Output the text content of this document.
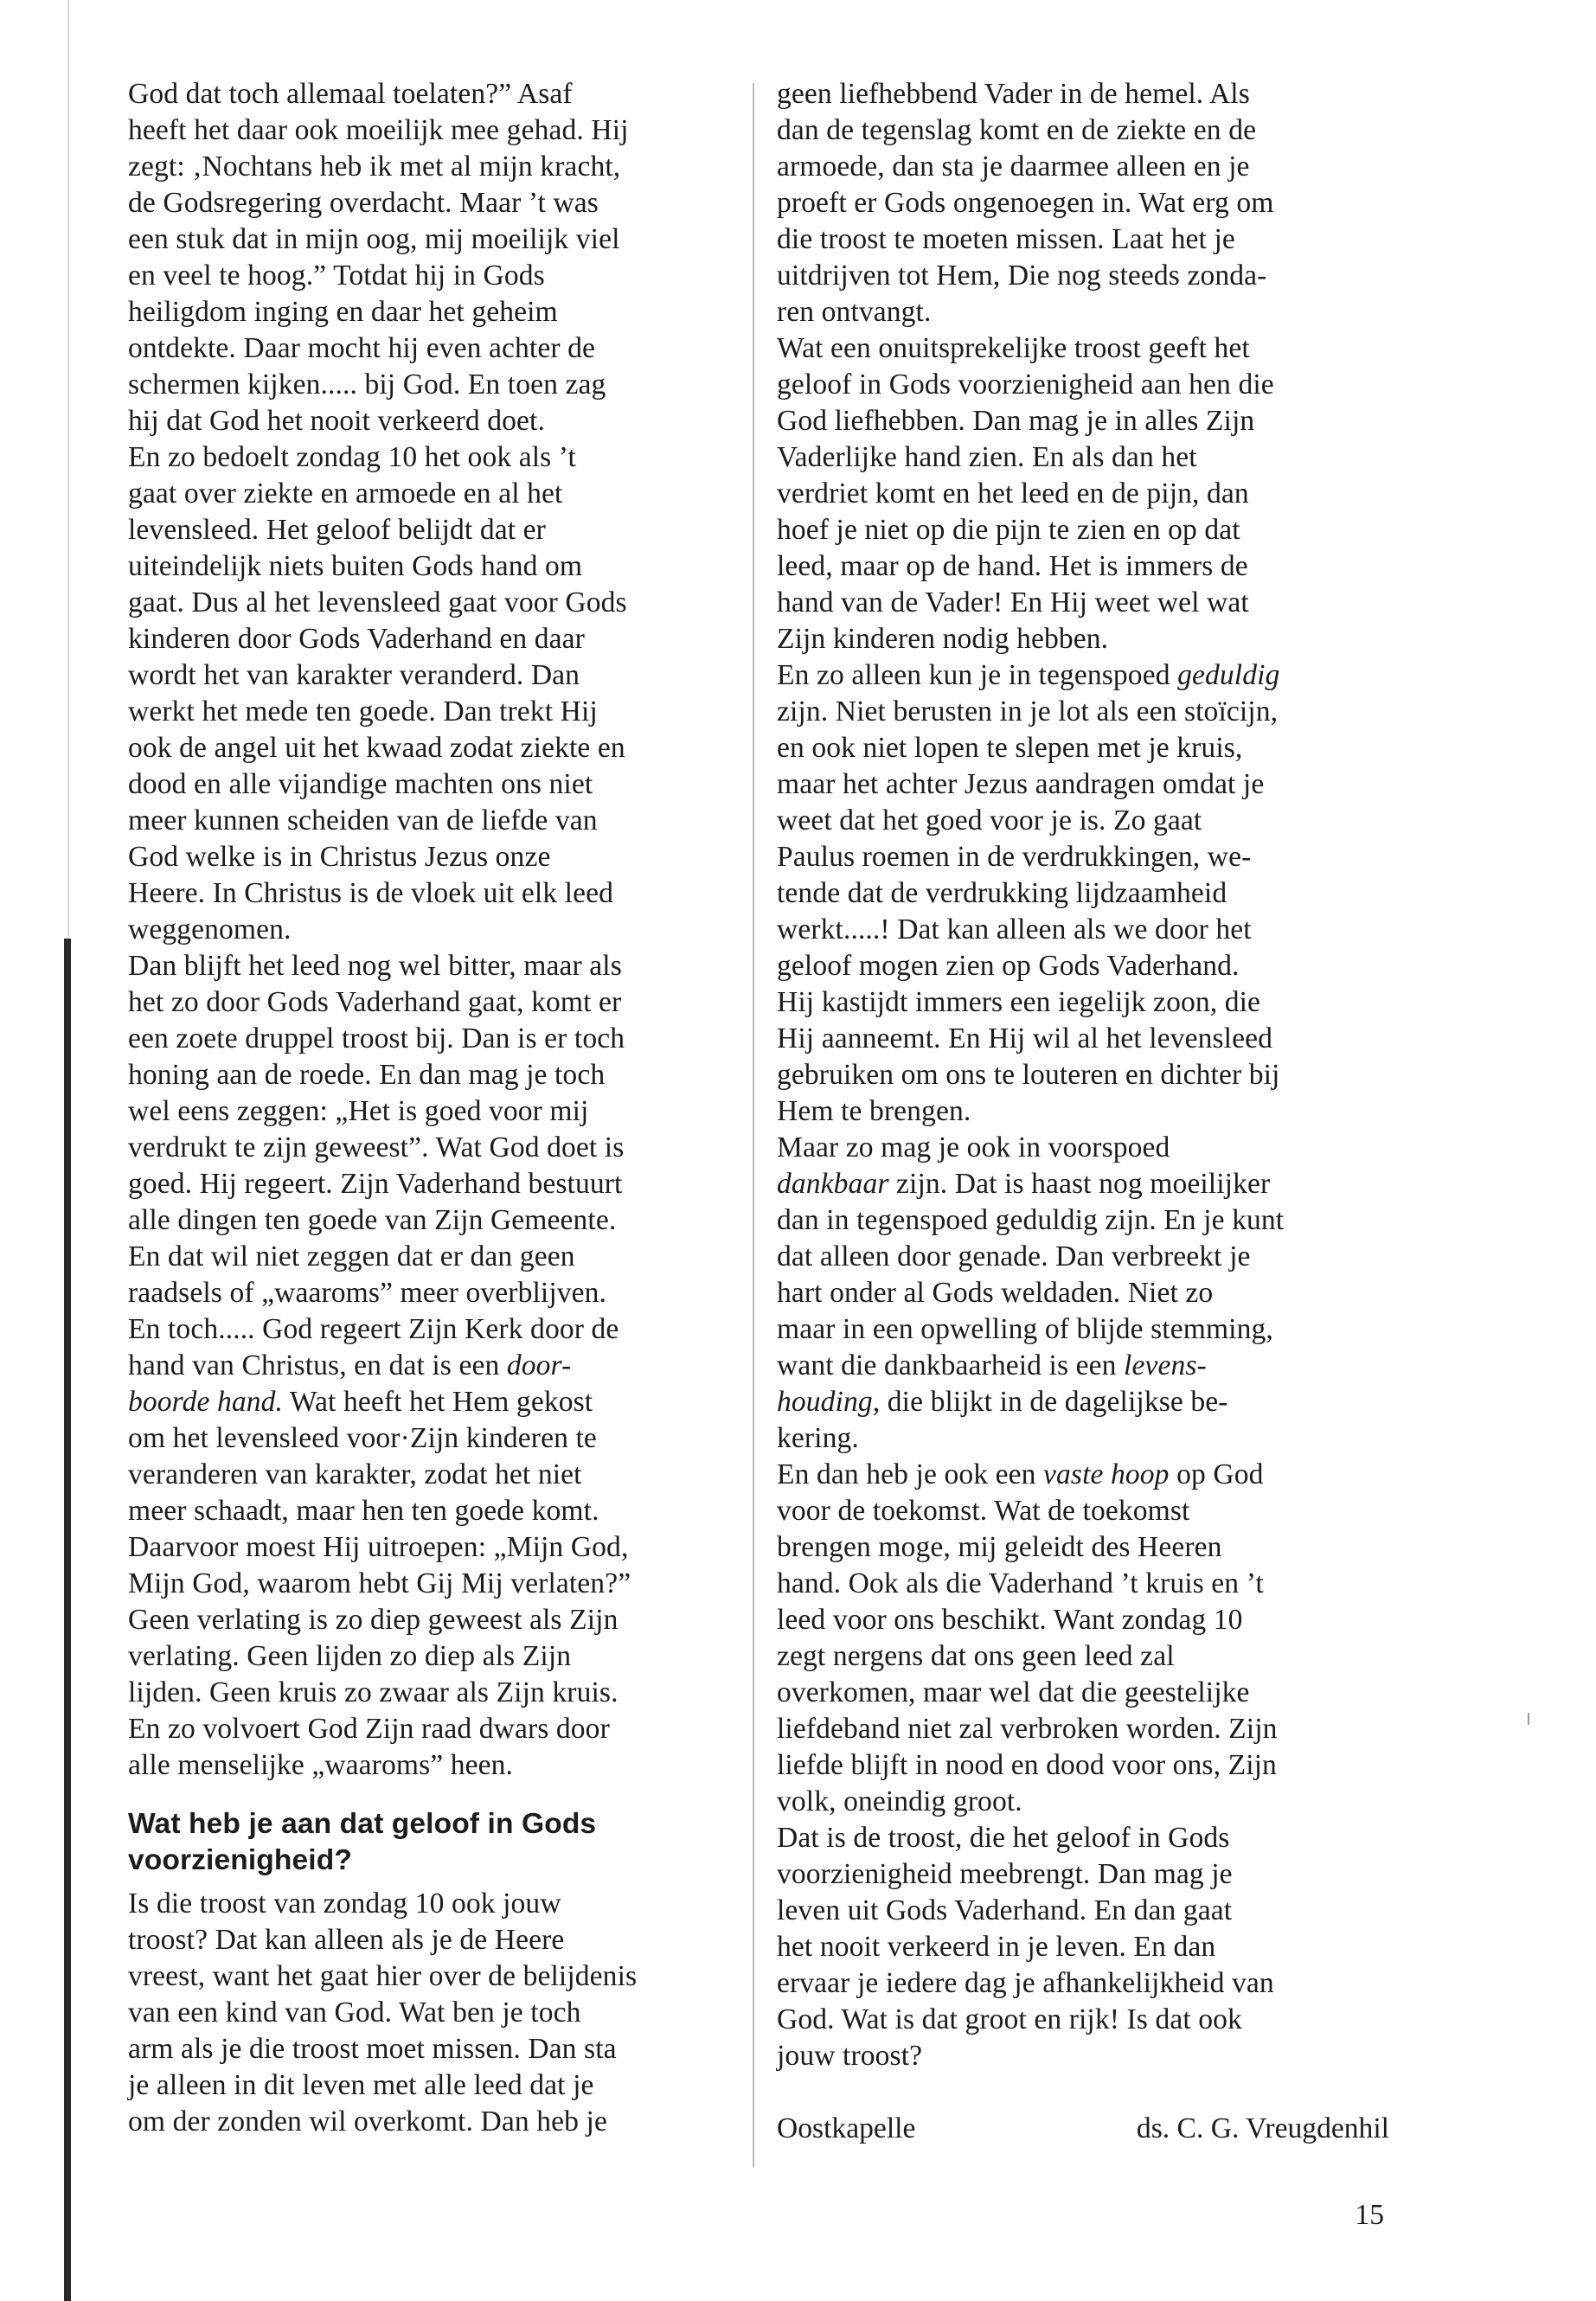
God dat toch allemaal toelaten?” Asaf
heeft het daar ook moeilijk mee gehad. Hij
zegt: ‚Nochtans heb ik met al mijn kracht,
de Godsregering overdacht. Maar ’t was
een stuk dat in mijn oog, mij moeilijk viel
en veel te hoog.” Totdat hij in Gods
heiligdom inging en daar het geheim
ontdekte. Daar mocht hij even achter de
schermen kijken..... bij God. En toen zag
hij dat God het nooit verkeerd doet.
En zo bedoelt zondag 10 het ook als ’t
gaat over ziekte en armoede en al het
levensleed. Het geloof belijdt dat er
uiteindelijk niets buiten Gods hand om
gaat. Dus al het levensleed gaat voor Gods
kinderen door Gods Vaderhand en daar
wordt het van karakter veranderd. Dan
werkt het mede ten goede. Dan trekt Hij
ook de angel uit het kwaad zodat ziekte en
dood en alle vijandige machten ons niet
meer kunnen scheiden van de liefde van
God welke is in Christus Jezus onze
Heere. In Christus is de vloek uit elk leed
weggenomen.
Dan blijft het leed nog wel bitter, maar als
het zo door Gods Vaderhand gaat, komt er
een zoete druppel troost bij. Dan is er toch
honing aan de roede. En dan mag je toch
wel eens zeggen: „Het is goed voor mij
verdrukt te zijn geweest”. Wat God doet is
goed. Hij regeert. Zijn Vaderhand bestuurt
alle dingen ten goede van Zijn Gemeente.
En dat wil niet zeggen dat er dan geen
raadsels of „waaroms” meer overblijven.
En toch..... God regeert Zijn Kerk door de
hand van Christus, en dat is een door-
boorde hand. Wat heeft het Hem gekost
om het levensleed voor·Zijn kinderen te
veranderen van karakter, zodat het niet
meer schaadt, maar hen ten goede komt.
Daarvoor moest Hij uitroepen: „Mijn God,
Mijn God, waarom hebt Gij Mij verlaten?”
Geen verlating is zo diep geweest als Zijn
verlating. Geen lijden zo diep als Zijn
lijden. Geen kruis zo zwaar als Zijn kruis.
En zo volvoert God Zijn raad dwars door
alle menselijke „waaroms” heen.
Wat heb je aan dat geloof in Gods
voorzienigheid?
Is die troost van zondag 10 ook jouw
troost? Dat kan alleen als je de Heere
vreest, want het gaat hier over de belijdenis
van een kind van God. Wat ben je toch
arm als je die troost moet missen. Dan sta
je alleen in dit leven met alle leed dat je
om der zonden wil overkomt. Dan heb je
geen liefhebbend Vader in de hemel. Als
dan de tegenslag komt en de ziekte en de
armoede, dan sta je daarmee alleen en je
proeft er Gods ongenoegen in. Wat erg om
die troost te moeten missen. Laat het je
uitdrijven tot Hem, Die nog steeds zonda-
ren ontvangt.
Wat een onuitsprekelijke troost geeft het
geloof in Gods voorzienigheid aan hen die
God liefhebben. Dan mag je in alles Zijn
Vaderlijke hand zien. En als dan het
verdriet komt en het leed en de pijn, dan
hoef je niet op die pijn te zien en op dat
leed, maar op de hand. Het is immers de
hand van de Vader! En Hij weet wel wat
Zijn kinderen nodig hebben.
En zo alleen kun je in tegenspoed geduldig
zijn. Niet berusten in je lot als een stoïcijn,
en ook niet lopen te slepen met je kruis,
maar het achter Jezus aandragen omdat je
weet dat het goed voor je is. Zo gaat
Paulus roemen in de verdrukkingen, we-
tende dat de verdrukking lijdzaamheid
werkt.....! Dat kan alleen als we door het
geloof mogen zien op Gods Vaderhand.
Hij kastijdt immers een iegelijk zoon, die
Hij aanneemt. En Hij wil al het levensleed
gebruiken om ons te louteren en dichter bij
Hem te brengen.
Maar zo mag je ook in voorspoed
dankbaar zijn. Dat is haast nog moeilijker
dan in tegenspoed geduldig zijn. En je kunt
dat alleen door genade. Dan verbreekt je
hart onder al Gods weldaden. Niet zo
maar in een opwelling of blijde stemming,
want die dankbaarheid is een levens-
houding, die blijkt in de dagelijkse be-
kering.
En dan heb je ook een vaste hoop op God
voor de toekomst. Wat de toekomst
brengen moge, mij geleidt des Heeren
hand. Ook als die Vaderhand ’t kruis en ’t
leed voor ons beschikt. Want zondag 10
zegt nergens dat ons geen leed zal
overkomen, maar wel dat die geestelijke
liefdeband niet zal verbroken worden. Zijn
liefde blijft in nood en dood voor ons, Zijn
volk, oneindig groot.
Dat is de troost, die het geloof in Gods
voorzienigheid meebrengt. Dan mag je
leven uit Gods Vaderhand. En dan gaat
het nooit verkeerd in je leven. En dan
ervaar je iedere dag je afhankelijkheid van
God. Wat is dat groot en rijk! Is dat ook
jouw troost?
Oostkapelle	ds. C. G. Vreugdenhil
15
